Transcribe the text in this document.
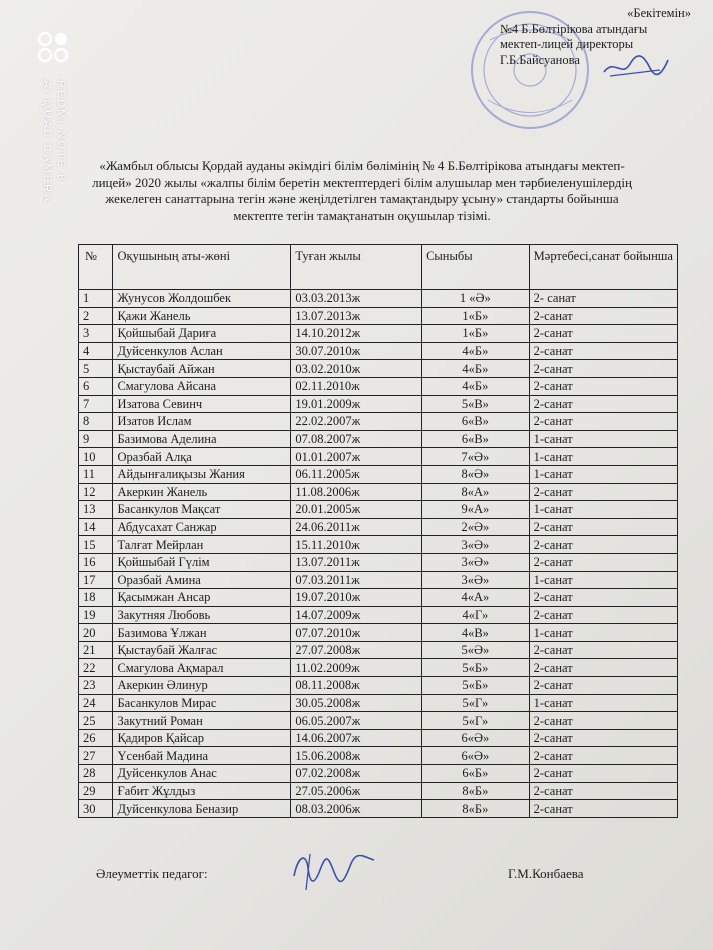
REDMI NOTE 8
AI QUAD CAMERA
«Бекітемін»
№4 Б.Бөлтірікова атындағы
мектеп-лицей директоры
Г.Б.Байсуанова
«Жамбыл облысы Қордай ауданы әкімдігі білім бөлімінің № 4 Б.Бөлтірікова атындағы мектеп-лицей» 2020 жылы «жалпы білім беретін мектептердегі білім алушылар мен тәрбиеленушілердің жекелеген санаттарына тегін және жеңілдетілген тамақтандыру ұсыну» стандарты бойынша мектепте тегін тамақтанатын оқушылар тізімі.
№	Оқушының аты-жөні	Туған жылы	Сыныбы	Мәртебесі,санат бойынша
1	Жунусов Жолдошбек	03.03.2013ж	1 «Ә»	2- санат
2	Қажи Жанель	13.07.2013ж	1«Б»	2-санат
3	Қойшыбай Дариға	14.10.2012ж	1«Б»	2-санат
4	Дуйсенкулов Аслан	30.07.2010ж	4«Б»	2-санат
5	Қыстаубай Айжан	03.02.2010ж	4«Б»	2-санат
6	Смагулова Айсана	02.11.2010ж	4«Б»	2-санат
7	Изатова Севинч	19.01.2009ж	5«В»	2-санат
8	Изатов Ислам	22.02.2007ж	6«В»	2-санат
9	Базимова Аделина	07.08.2007ж	6«В»	1-санат
10	Оразбай Алқа	01.01.2007ж	7«Ә»	1-санат
11	Айдынғалиқызы Жания	06.11.2005ж	8«Ә»	1-санат
12	Акеркин Жанель	11.08.2006ж	8«А»	2-санат
13	Басанкулов Мақсат	20.01.2005ж	9«А»	1-санат
14	Абдусахат Санжар	24.06.2011ж	2«Ә»	2-санат
15	Талғат Мейрлан	15.11.2010ж	3«Ә»	2-санат
16	Қойшыбай Гүлім	13.07.2011ж	3«Ә»	2-санат
17	Оразбай Амина	07.03.2011ж	3«Ә»	1-санат
18	Қасымжан Ансар	19.07.2010ж	4«А»	2-санат
19	Закутняя Любовь	14.07.2009ж	4«Г»	2-санат
20	Базимова Ұлжан	07.07.2010ж	4«В»	1-санат
21	Қыстаубай Жалғас	27.07.2008ж	5«Ә»	2-санат
22	Смагулова Ақмарал	11.02.2009ж	5«Б»	2-санат
23	Акеркин Әлинур	08.11.2008ж	5«Б»	2-санат
24	Басанкулов Мирас	30.05.2008ж	5«Г»	1-санат
25	Закутний Роман	06.05.2007ж	5«Г»	2-санат
26	Қадиров Қайсар	14.06.2007ж	6«Ә»	2-санат
27	Үсенбай Мадина	15.06.2008ж	6«Ә»	2-санат
28	Дуйсенкулов Анас	07.02.2008ж	6«Б»	2-санат
29	Ғабит Жұлдыз	27.05.2006ж	8«Б»	2-санат
30	Дуйсенкулова Беназир	08.03.2006ж	8«Б»	2-санат
Әлеуметтік педагог:	Г.М.Конбаева
